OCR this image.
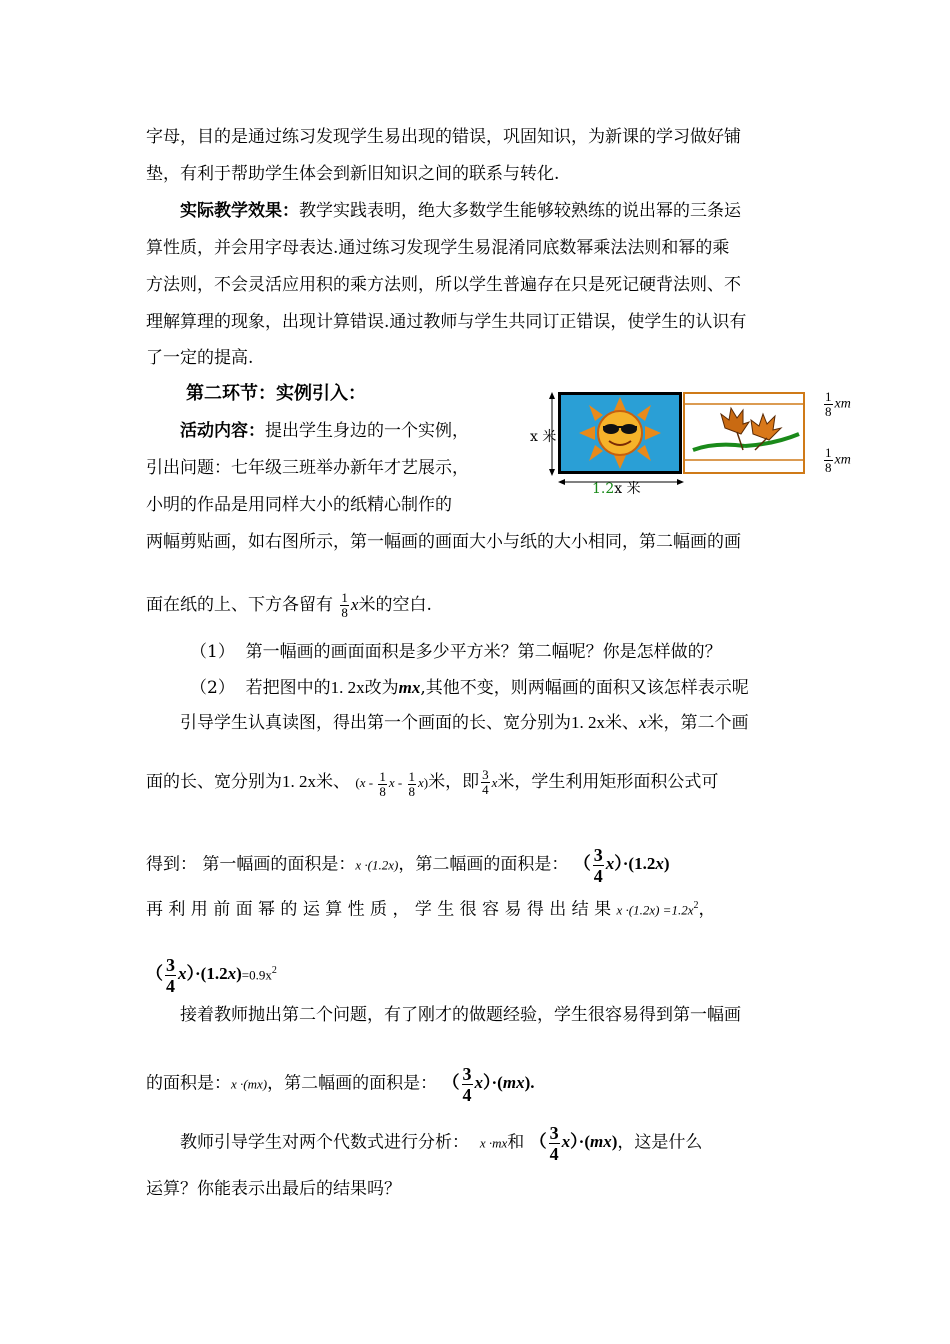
字母，目的是通过练习发现学生易出现的错误，巩固知识，为新课的学习做好铺
垫，有利于帮助学生体会到新旧知识之间的联系与转化.
实际教学效果：教学实践表明，绝大多数学生能够较熟练的说出幂的三条运
算性质，并会用字母表达.通过练习发现学生易混淆同底数幂乘法法则和幂的乘
方法则，不会灵活应用积的乘方法则，所以学生普遍存在只是死记硬背法则、不
理解算理的现象，出现计算错误.通过教师与学生共同订正错误，使学生的认识有
了一定的提高.
第二环节：实例引入：
活动内容：提出学生身边的一个实例，
引出问题：七年级三班举办新年才艺展示，
小明的作品是用同样大小的纸精心制作的
两幅剪贴画，如右图所示，第一幅画的画面大小与纸的大小相同，第二幅画的画
面在纸的上、下方各留有 $\frac{1}{8}$ x米的空白.
x 米
1.2x 米
$\frac{1}{8}$ xm
$\frac{1}{8}$ xm
（1） 第一幅画的画面面积是多少平方米？第二幅呢？你是怎样做的？
（2） 若把图中的1. 2x改为mx,其他不变，则两幅画的面积又该怎样表示呢
引导学生认真读图，得出第一个画面的长、宽分别为1. 2x米、x米，第二个画
面的长、宽分别为1. 2x米、 ($x - \frac{1}{8}$ x - $\frac{1}{8} x$)米，即 $\frac{3}{4}$ x米，学生利用矩形面积公式可
得到： 第一幅画的面积是：x ·(1.2x)，第二幅画的面积是： （ $\frac{3}{4} x)\cdot(1.2x)$
再 利 用 前 面 幂 的 运 算 性 质 ， 学 生 很 容 易 得 出 结 果 $x \cdot(1.2x) =1.2x^2$，
（ $\frac{3}{4} x)\cdot(1.2x)=0.9x^2$
接着教师抛出第二个问题，有了刚才的做题经验，学生很容易得到第一幅画
的面积是：x ·(mx)，第二幅画的面积是： （ $\frac{3}{4} x)\cdot(mx)$.
教师引导学生对两个代数式进行分析： x ·mx和 （ $\frac{3}{4} x)\cdot(mx)$，这是什么
运算？你能表示出最后的结果吗？
